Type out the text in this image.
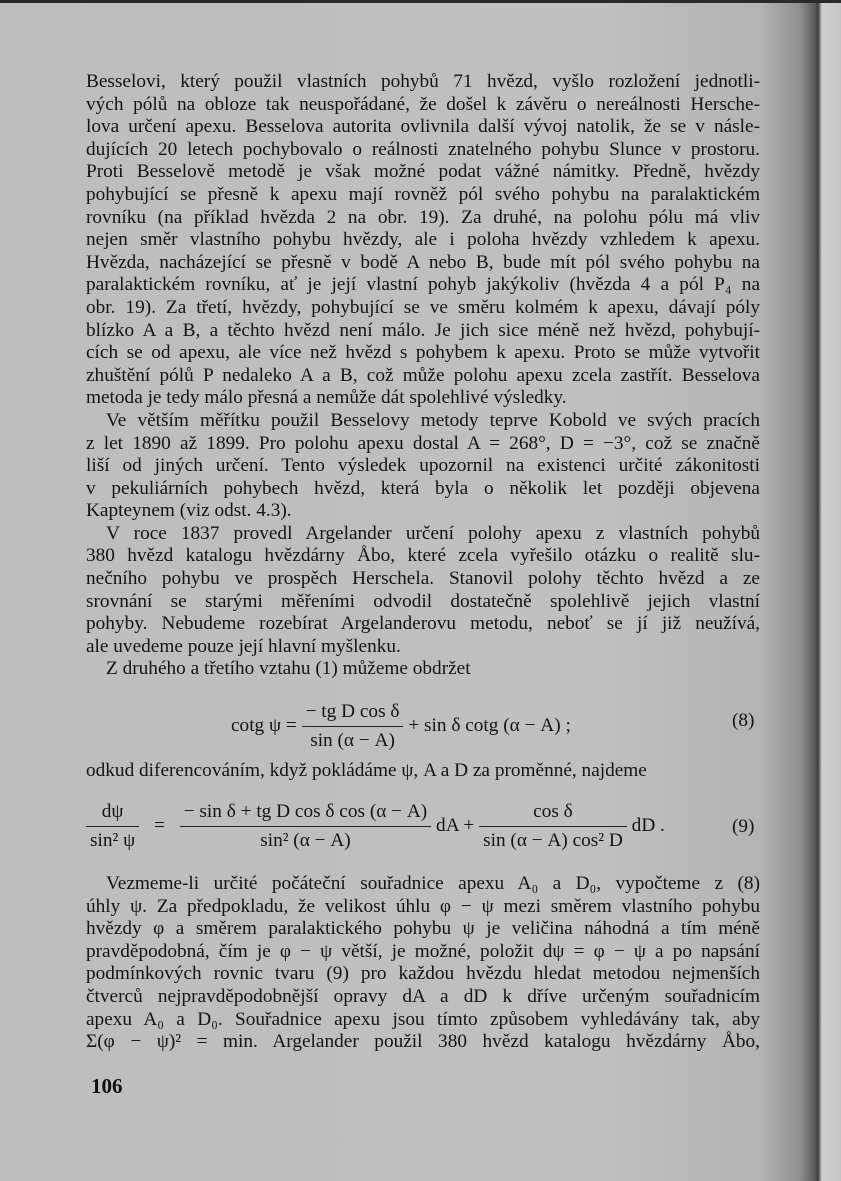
Besselovi, který použil vlastních pohybů 71 hvězd, vyšlo rozložení jednotli-
vých pólů na obloze tak neuspořádané, že došel k závěru o nereálnosti Hersche-
lova určení apexu. Besselova autorita ovlivnila další vývoj natolik, že se v násle-
dujících 20 letech pochybovalo o reálnosti znatelného pohybu Slunce v prostoru.
Proti Besselově metodě je však možné podat vážné námitky. Předně, hvězdy
pohybující se přesně k apexu mají rovněž pól svého pohybu na paralaktickém
rovníku (na příklad hvězda 2 na obr. 19). Za druhé, na polohu pólu má vliv
nejen směr vlastního pohybu hvězdy, ale i poloha hvězdy vzhledem k apexu.
Hvězda, nacházející se přesně v bodě A nebo B, bude mít pól svého pohybu na
paralaktickém rovníku, ať je její vlastní pohyb jakýkoliv (hvězda 4 a pól P₄ na
obr. 19). Za třetí, hvězdy, pohybující se ve směru kolmém k apexu, dávají póly
blízko A a B, a těchto hvězd není málo. Je jich sice méně než hvězd, pohybují-
cích se od apexu, ale více než hvězd s pohybem k apexu. Proto se může vytvořit
zhuštění pólů P nedaleko A a B, což může polohu apexu zcela zastřít. Besselova
metoda je tedy málo přesná a nemůže dát spolehlivé výsledky.

Ve větším měřítku použil Besselovy metody teprve Kobold ve svých pracích
z let 1890 až 1899. Pro polohu apexu dostal A = 268°, D = −3°, což se značně
liší od jiných určení. Tento výsledek upozornil na existenci určité zákonitosti
v pekuliárních pohybech hvězd, která byla o několik let později objevena
Kapteynem (viz odst. 4.3).

V roce 1837 provedl Argelander určení polohy apexu z vlastních pohybů
380 hvězd katalogu hvězdárny Åbo, které zcela vyřešilo otázku o realitě slu-
nečního pohybu ve prospěch Herschela. Stanovil polohy těchto hvězd a ze
srovnání se starými měřeními odvodil dostatečně spolehlivě jejich vlastní
pohyby. Nebudeme rozebírat Argelanderovu metodu, neboť se jí již neužívá,
ale uvedeme pouze její hlavní myšlenku.

Z druhého a třetího vztahu (1) můžeme obdržet

cotg $\psi = \frac{\text{− tg D cos δ}}{\sin (\alpha - A)} + \sin \delta$ cotg (α − A) ;	(8)
odkud diferencováním, když pokládáme ψ, A a D za proměnné, najdeme
$\frac{d\psi}{\text{sin² ψ}} = \frac{\text{− sin δ + tg D cos δ cos (α − A)}}{\text{sin² (α − A)}}$ dA + $\frac{\text{cos δ}}{\text{sin (α − A) cos² D}}$ dD .	(9)

Vezmeme-li určité počáteční souřadnice apexu A₀ a D₀, vypočteme z (8)
úhly ψ. Za předpokladu, že velikost úhlu φ − ψ mezi směrem vlastního pohybu
hvězdy φ a směrem paralaktického pohybu ψ je veličina náhodná a tím méně
pravděpodobná, čím je φ − ψ větší, je možné, položit dψ = φ − ψ a po napsání
podmínkových rovnic tvaru (9) pro každou hvězdu hledat metodou nejmenších
čtverců nejpravděpodobnější opravy dA a dD k dříve určeným souřadnicím
apexu A₀ a D₀. Souřadnice apexu jsou tímto způsobem vyhledávány tak, aby
Σ(φ − ψ)² = min. Argelander použil 380 hvězd katalogu hvězdárny Åbo,

106
